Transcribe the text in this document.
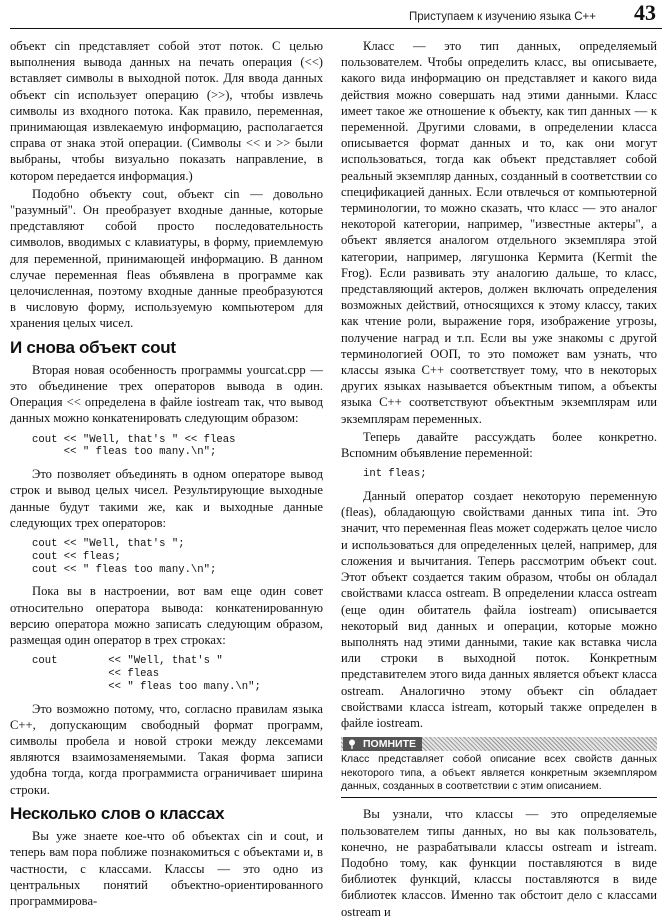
Приступаем к изучению языка C++ 43

объект cin представляет собой этот поток. С целью выполнения вывода данных на печать операция (<<) вставляет символы в выходной поток. Для ввода данных объект cin использует операцию (>>), чтобы извлечь символы из входного потока. Как правило, переменная, принимающая извлекаемую информацию, располагается справа от знака этой операции. (Символы << и >> были выбраны, чтобы визуально показать направление, в котором передается информация.)

Подобно объекту cout, объект cin — довольно "разумный". Он преобразует входные данные, которые представляют собой просто последовательность символов, вводимых с клавиатуры, в форму, приемлемую для переменной, принимающей информацию. В данном случае переменная fleas объявлена в программе как целочисленная, поэтому входные данные преобразуются в числовую форму, используемую компьютером для хранения целых чисел.

И снова объект cout

Вторая новая особенность программы yourcat.cpp — это объединение трех операторов вывода в один. Операция << определена в файле iostream так, что вывод данных можно конкатенировать следующим образом:

cout << "Well, that's " << fleas
<< " fleas too many.\n";

Это позволяет объединять в одном операторе вывод строк и вывод целых чисел. Результирующие выходные данные будут такими же, как и выходные данные следующих трех операторов:

cout << "Well, that's ";
cout << fleas;
cout << " fleas too many.\n";

Пока вы в настроении, вот вам еще один совет относительно оператора вывода: конкатенированную версию оператора можно записать следующим образом, размещая один оператор в трех строках:

cout        << "Well, that's "
<< fleas
<< " fleas too many.\n";

Это возможно потому, что, согласно правилам языка C++, допускающим свободный формат программ, символы пробела и новой строки между лексемами являются взаимозаменяемыми. Такая форма записи удобна тогда, когда программиста ограничивает ширина строки.

Несколько слов о классах

Вы уже знаете кое-что об объектах cin и cout, и теперь вам пора поближе познакомиться с объектами и, в частности, с классами. Классы — это одно из центральных понятий объектно-ориентированного программирова-

Класс — это тип данных, определяемый пользователем. Чтобы определить класс, вы описываете, какого вида информацию он представляет и какого вида действия можно совершать над этими данными. Класс имеет такое же отношение к объекту, как тип данных — к переменной. Другими словами, в определении класса описывается формат данных и то, как они могут использоваться, тогда как объект представляет собой реальный экземпляр данных, созданный в соответствии со спецификацией данных. Если отвлечься от компьютерной терминологии, то можно сказать, что класс — это аналог некоторой категории, например, "известные актеры", а объект является аналогом отдельного экземпляра этой категории, например, лягушонка Кермита (Kermit the Frog). Если развивать эту аналогию дальше, то класс, представляющий актеров, должен включать определения возможных действий, относящихся к этому классу, таких как чтение роли, выражение горя, изображение угрозы, получение наград и т.п. Если вы уже знакомы с другой терминологией ООП, то это поможет вам узнать, что классы языка C++ соответствует тому, что в некоторых других языках называется объектным типом, а объекты языка C++ соответствуют объектным экземплярам или экземплярам переменных.

Теперь давайте рассуждать более конкретно. Вспомним объявление переменной:

int fleas;

Данный оператор создает некоторую переменную (fleas), обладающую свойствами данных типа int. Это значит, что переменная fleas может содержать целое число и использоваться для определенных целей, например, для сложения и вычитания. Теперь рассмотрим объект cout. Этот объект создается таким образом, чтобы он обладал свойствами класса ostream. В определении класса ostream (еще один обитатель файла iostream) описывается некоторый вид данных и операции, которые можно выполнять над этими данными, такие как вставка числа или строки в выходной поток. Конкретным представителем этого вида данных является объект класса ostream. Аналогично этому объект cin обладает свойствами класса istream, который также определен в файле iostream.

ПОМНИТЕ
Класс представляет собой описание всех свойств данных некоторого типа, а объект является конкретным экземпляром данных, созданных в соответствии с этим описанием.

Вы узнали, что классы — это определяемые пользователем типы данных, но вы как пользователь, конечно, не разрабатывали классы ostream и istream. Подобно тому, как функции поставляются в виде библиотек функций, классы поставляются в виде библиотек классов. Именно так обстоит дело с классами ostream и
